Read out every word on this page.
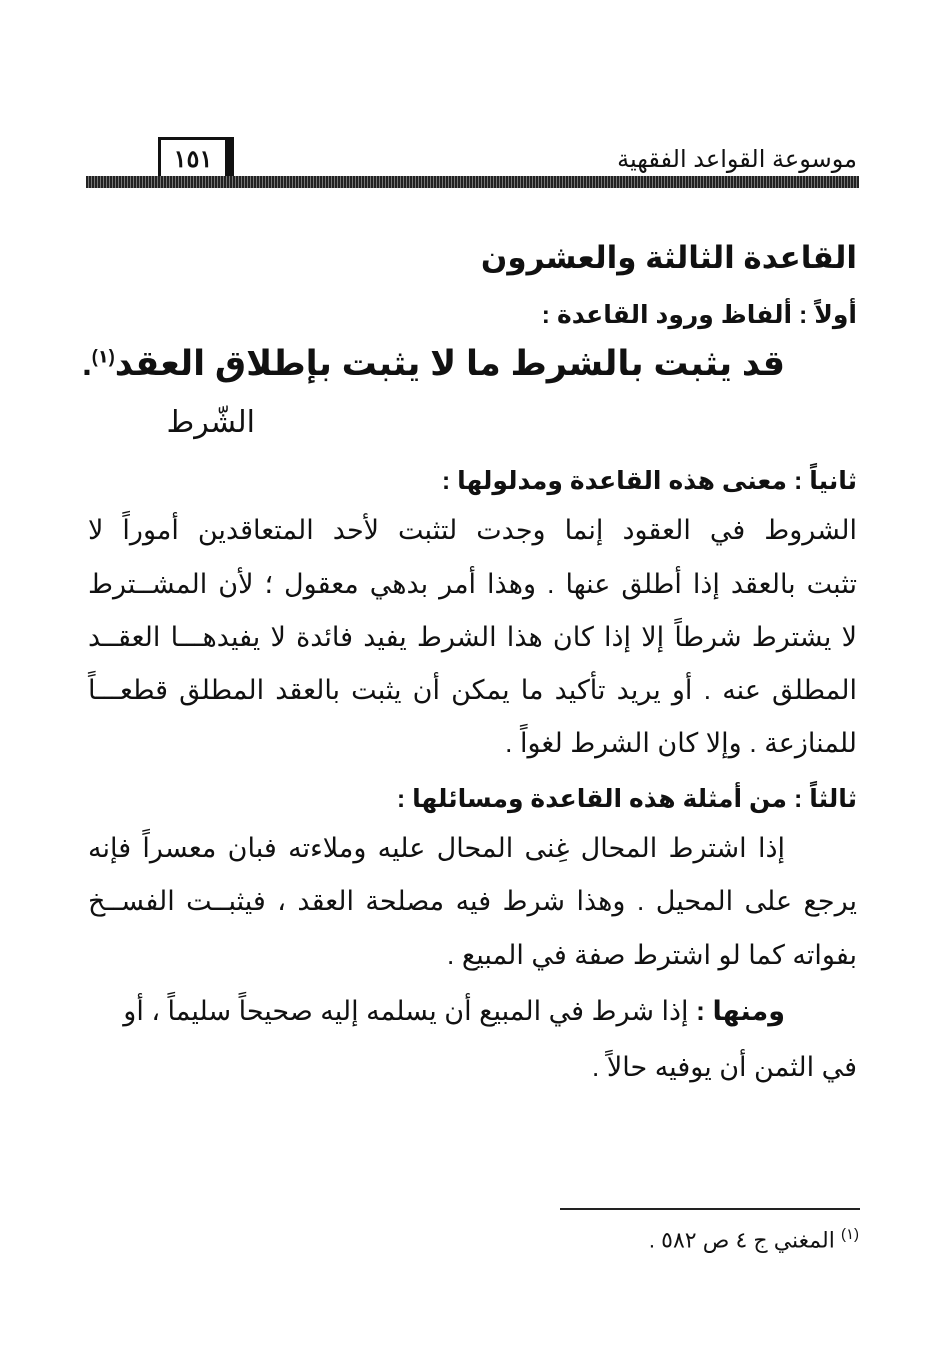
موسوعة القواعد الفقهية
١٥١
القاعدة الثالثة والعشرون
أولاً : ألفاظ ورود القاعدة :
قد يثبت بالشرط ما لا يثبت بإطلاق العقد$^{(١)}$.
الشّرط
ثانياً : معنى هذه القاعدة ومدلولها :
الشروط في العقود إنما وجدت لتثبت لأحد المتعاقدين أموراً لا
تثبت بالعقد إذا أطلق عنها . وهذا أمر بدهي معقول ؛ لأن المشــترط
لا يشترط شرطاً إلا إذا كان هذا الشرط يفيد فائدة لا يفيدهـــا العقــد
المطلق عنه . أو يريد تأكيد ما يمكن أن يثبت بالعقد المطلق قطعـــاً
للمنازعة . وإلا كان الشرط لغواً .
ثالثاً : من أمثلة هذه القاعدة ومسائلها :
إذا اشترط المحال غِنى المحال عليه وملاءته فبان معسراً فإنه
يرجع على المحيل . وهذا شرط فيه مصلحة العقد ، فيثبــت الفســخ
بفواته كما لو اشترط صفة في المبيع .
ومنها : إذا شرط في المبيع أن يسلمه إليه صحيحاً سليماً ، أو
في الثمن أن يوفيه حالاً .
$^{(١)}$ المغني ج ٤ ص ٥٨٢ .
